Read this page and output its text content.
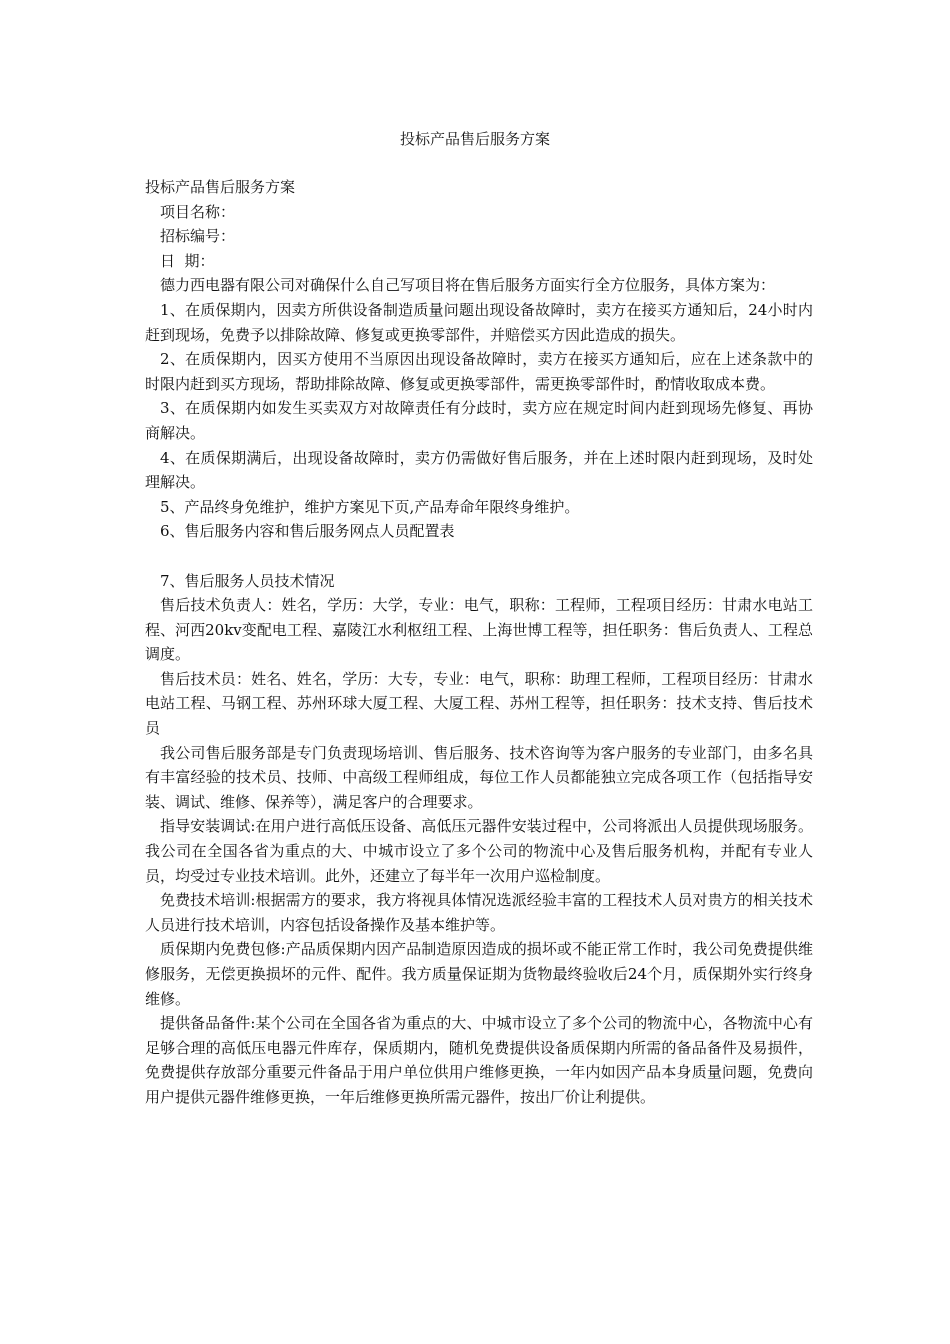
投标产品售后服务方案

投标产品售后服务方案

项目名称：

招标编号：

日  期：

德力西电器有限公司对确保什么自己写项目将在售后服务方面实行全方位服务，具体方案为：

1、在质保期内，因卖方所供设备制造质量问题出现设备故障时，卖方在接买方通知后，24小时内赶到现场，免费予以排除故障、修复或更换零部件，并赔偿买方因此造成的损失。

2、在质保期内，因买方使用不当原因出现设备故障时，卖方在接买方通知后，应在上述条款中的时限内赶到买方现场，帮助排除故障、修复或更换零部件，需更换零部件时，酌情收取成本费。

3、在质保期内如发生买卖双方对故障责任有分歧时，卖方应在规定时间内赶到现场先修复、再协商解决。

4、在质保期满后，出现设备故障时，卖方仍需做好售后服务，并在上述时限内赶到现场，及时处理解决。

5、产品终身免维护，维护方案见下页,产品寿命年限终身维护。

6、售后服务内容和售后服务网点人员配置表

7、售后服务人员技术情况

售后技术负责人：姓名，学历：大学，专业：电气，职称：工程师，工程项目经历：甘肃水电站工程、河西20kv变配电工程、嘉陵江水利枢纽工程、上海世博工程等，担任职务：售后负责人、工程总调度。

售后技术员：姓名、姓名，学历：大专，专业：电气，职称：助理工程师，工程项目经历：甘肃水电站工程、马钢工程、苏州环球大厦工程、大厦工程、苏州工程等，担任职务：技术支持、售后技术员

我公司售后服务部是专门负责现场培训、售后服务、技术咨询等为客户服务的专业部门，由多名具有丰富经验的技术员、技师、中高级工程师组成，每位工作人员都能独立完成各项工作（包括指导安装、调试、维修、保养等），满足客户的合理要求。

指导安装调试:在用户进行高低压设备、高低压元器件安装过程中，公司将派出人员提供现场服务。我公司在全国各省为重点的大、中城市设立了多个公司的物流中心及售后服务机构，并配有专业人员，均受过专业技术培训。此外，还建立了每半年一次用户巡检制度。

免费技术培训:根据需方的要求，我方将视具体情况选派经验丰富的工程技术人员对贵方的相关技术人员进行技术培训，内容包括设备操作及基本维护等。

质保期内免费包修:产品质保期内因产品制造原因造成的损坏或不能正常工作时，我公司免费提供维修服务，无偿更换损坏的元件、配件。我方质量保证期为货物最终验收后24个月，质保期外实行终身维修。

提供备品备件:某个公司在全国各省为重点的大、中城市设立了多个公司的物流中心，各物流中心有足够合理的高低压电器元件库存，保质期内，随机免费提供设备质保期内所需的备品备件及易损件，免费提供存放部分重要元件备品于用户单位供用户维修更换，一年内如因产品本身质量问题，免费向用户提供元器件维修更换，一年后维修更换所需元器件，按出厂价让利提供。
